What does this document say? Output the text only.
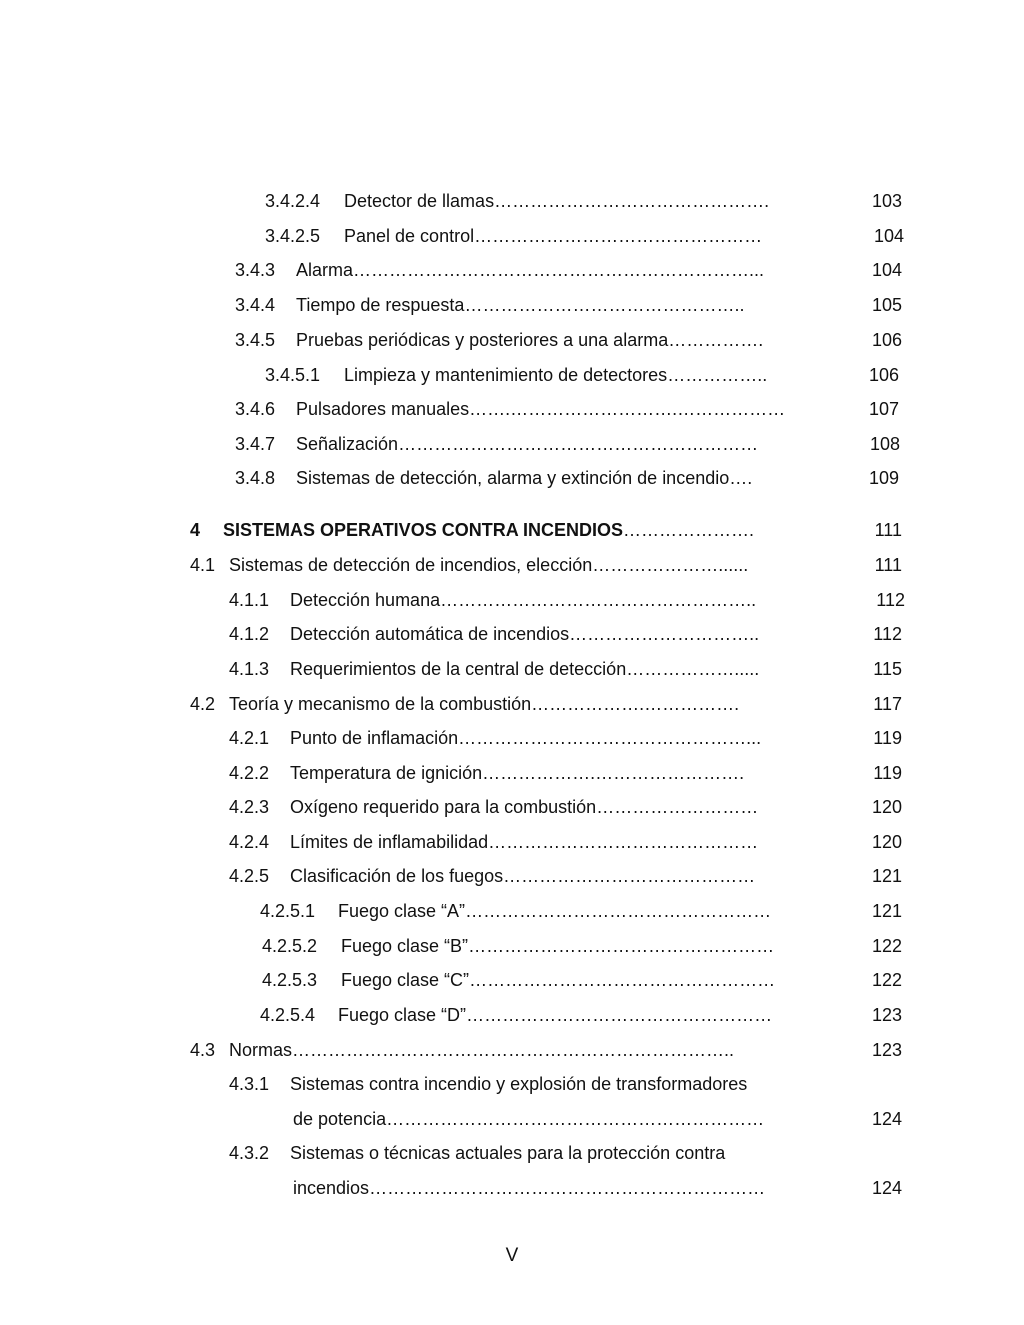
3.4.2.4 Detector de llamas……………………………………….	103
3.4.2.5 Panel de control…………………………………………	104
3.4.3 Alarma…………………………………………………………...	104
3.4.4 Tiempo de respuesta………………………………………..	105
3.4.5 Pruebas periódicas y posteriores a una alarma…………….	106
3.4.5.1 Limpieza y mantenimiento de detectores……………..	106
3.4.6 Pulsadores manuales…….……………………….………………	107
3.4.7 Señalización……………………………………………………	108
3.4.8 Sistemas de detección, alarma y extinción de incendio….	109
4 SISTEMAS OPERATIVOS CONTRA INCENDIOS………………….	111
4.1 Sistemas de detección de incendios, elección…………………......	111
4.1.1 Detección humana……………………………………………..	112
4.1.2 Detección automática de incendios…………………………..	112
4.1.3 Requerimientos de la central de detección……………….....	115
4.2 Teoría y mecanismo de la combustión……………….…………….	117
4.2.1 Punto de inflamación…………………………………………...	119
4.2.2 Temperatura de ignición……………….…………………….	119
4.2.3 Oxígeno requerido para la combustión………………………	120
4.2.4 Límites de inflamabilidad………………………………………	120
4.2.5 Clasificación de los fuegos……………………………………	121
4.2.5.1 Fuego clase “A”……………………………………………	121
4.2.5.2 Fuego clase “B”……………………………………………	122
4.2.5.3 Fuego clase “C”……………………………………………	122
4.2.5.4 Fuego clase “D”……………………………………………	123
4.3 Normas………………………………………………………………..	123
4.3.1 Sistemas contra incendio y explosión de transformadores
de potencia………………………………………………………	124
4.3.2 Sistemas o técnicas actuales para la protección contra
incendios…………………………………………………………	124
V
